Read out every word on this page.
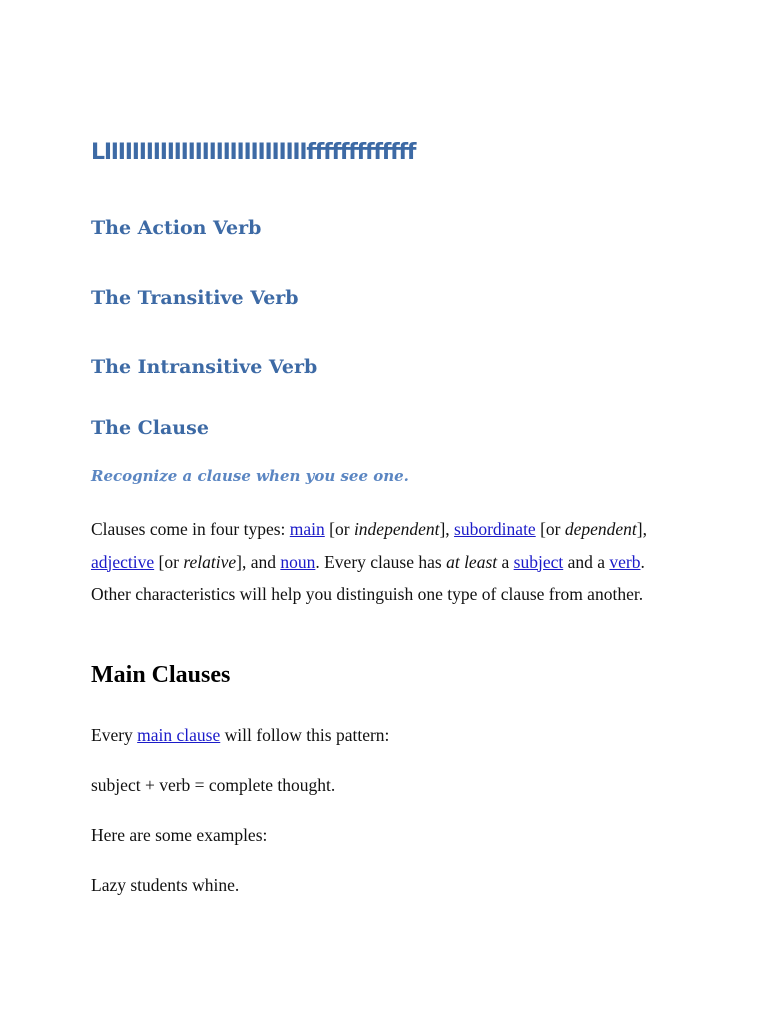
LIIIIIIIIIIIIIIIIIIIIIIIIIIIIIfffffffffffff
The Action Verb
The Transitive Verb
The Intransitive Verb
The Clause

Recognize a clause when you see one.

Clauses come in four types: main [or independent], subordinate [or dependent], adjective [or relative], and noun. Every clause has at least a subject and a verb. Other characteristics will help you distinguish one type of clause from another.

Main Clauses

Every main clause will follow this pattern:

subject + verb = complete thought.

Here are some examples:

Lazy students whine.
